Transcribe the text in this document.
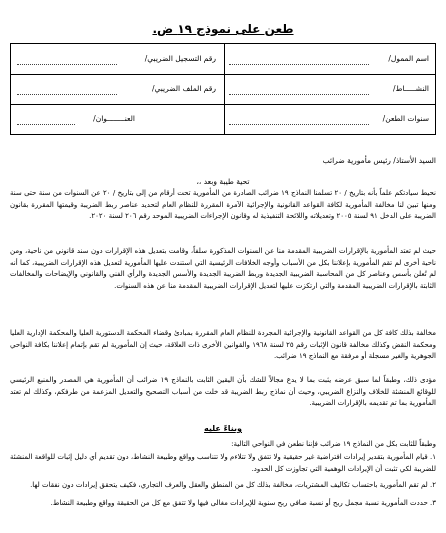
طعن على نموذج ١٩ ض.
اسم الممول/
رقم التسجيل الضريبي/
النشـــــاط/
رقم الملف الضريبي/
سنوات الطعن/
العنــــــــوان/
السيد الأستاذ/ رئيس مأمورية ضرائب
تحية طيبة وبعد ،،

نحيط سيادتكم علماً بأنه بتاريخ / ٢٠ تسلمنا النماذج ١٩ ضرائب الصادرة من المأمورية تحت أرقام من إلى بتاريخ / ٢٠ عن السنوات من سنة حتى سنة ومنها تبين لنا مخالفة المأمورية لكافة القواعد القانونية والإجرائية الآمرة المقررة للنظام العام لتحديد عناصر ربط الضريبة وقيمتها المقررة بقانون الضريبة على الدخل ٩١ لسنة ٢٠٠٥ وتعديلاته واللائحة التنفيذية له وقانون الإجراءات الضريبية الموحد رقم ٢٠٦ لسنة ٢٠٢٠.

حيث لم تعتد المأمورية بالإقرارات الضريبية المقدمة منا عن السنوات المذكورة سلفاً، وقامت بتعديل هذه الإقرارات دون سند قانوني من ناحية، ومن ناحية أخرى لم تقم المأمورية بإعلاننا بكل من الأسباب وأوجه الخلافات الرئيسية التي استندت عليها المأمورية لتعديل هذه الإقرارات الضريبية، كما أنه لم تُعلن بأسس وعناصر كل من المحاسبة الضريبية الجديدة وربط الضريبة الجديدة والأسس الجديدة والرأي الفني والقانوني والإيضاحات والمخالفات الثابتة بالإقرارات الضريبية المقدمة والتي ارتكزت عليها لتعديل الإقرارات الضريبية المقدمة منا عن هذه السنوات.

مخالفة بذلك كافة كل من القواعد القانونية والإجرائية المجردة للنظام العام المقررة بمبادئ وقضاء المحكمة الدستورية العليا والمحكمة الإدارية العليا ومحكمة النقض وكذلك مخالفة قانون الإثبات رقم ٢٥ لسنة ١٩٦٨ والقوانين الأخرى ذات العلاقة، حيث إن المأمورية لم تقم بإتمام إعلاننا بكافة النواحي الجوهرية والغير مسجلة أو مرفقة مع النماذج ١٩ ضرائب.

مؤدى ذلك، وطبقاً لما سبق عرضه يثبت بما لا يدع مجالاً للشك بأن اليقين الثابت بالنماذج ١٩ ضرائب أن المأمورية هي المصدر والمنبع الرئيسي للوقائع المنشئة للخلاف والنزاع الضريبي، وحيث أن نماذج ربط الضريبة قد خلت من أسباب التصحيح والتعديل المزعمة من طرفكم، وكذلك لم تعتد المأمورية بما تم تقديمه بالإقرارات الضريبية.

وبناءً عليه

وطبقاً للثابت بكل من النماذج ١٩ ضرائب فإننا نطعن في النواحي التالية:

١. قيام المأمورية بتقدير إيرادات افتراضية غير حقيقية ولا تتفق ولا تتلاءم ولا تتناسب وواقع وطبيعة النشاط، دون تقديم أي دليل إثبات للواقعة المنشئة للضريبة لكي تثبت أن الإيرادات الوهمية التي تجاوزت كل الحدود.

٢. لم تقم المأمورية باحتساب تكاليف المشتريات، مخالفة بذلك كل من المنطق والعقل والعرف التجاري، فكيف يتحقق إيرادات دون نفقات لها.

٣. حددت المأمورية نسبة مجمل ربح أو نسبة صافي ربح سنوية للإيرادات مغالى فيها ولا تتفق مع كل من الحقيقة وواقع وطبيعة النشاط.
